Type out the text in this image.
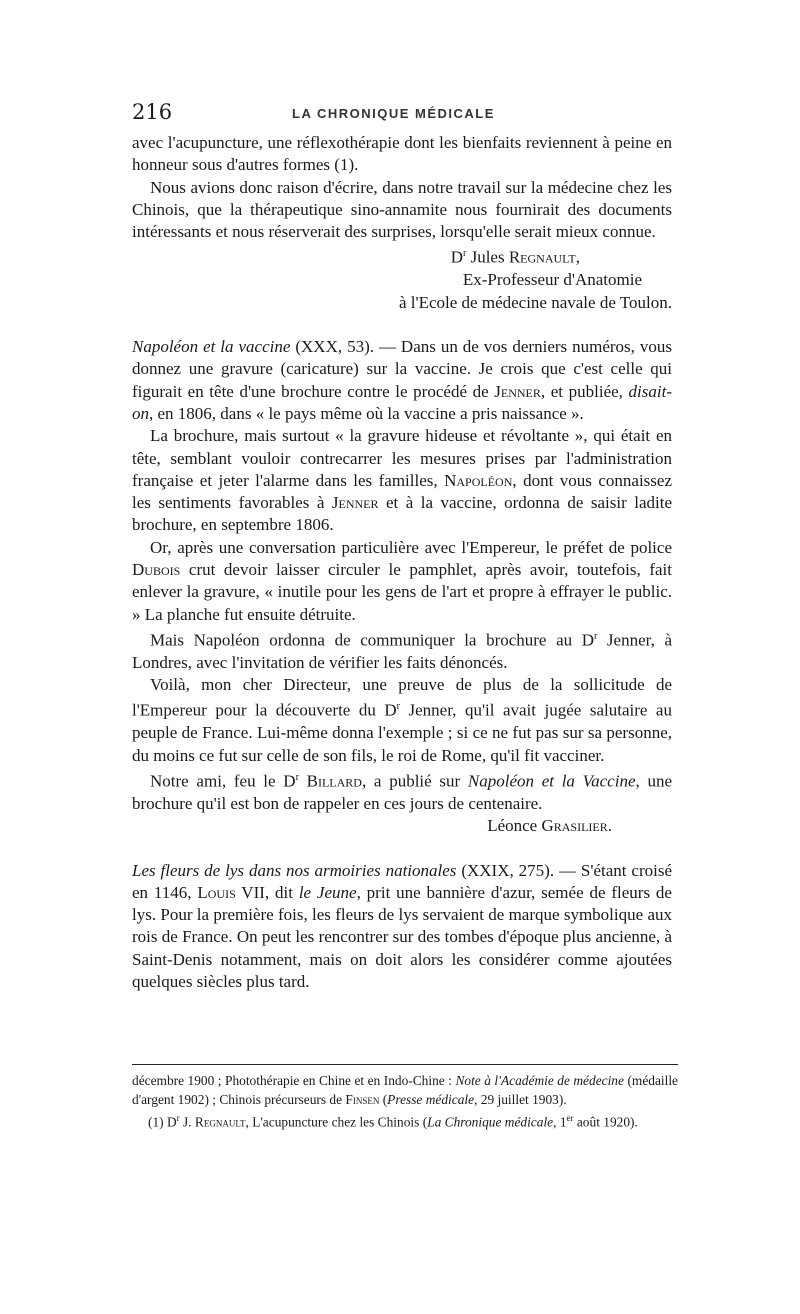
216	LA CHRONIQUE MÉDICALE

avec l'acupuncture, une réflexothérapie dont les bienfaits reviennent à peine en honneur sous d'autres formes (1).

Nous avions donc raison d'écrire, dans notre travail sur la médecine chez les Chinois, que la thérapeutique sino-annamite nous fournirait des documents intéressants et nous réserverait des surprises, lorsqu'elle serait mieux connue.

$D^r$ Jules Regnault,

Ex-Professeur d'Anatomie

à l'Ecole de médecine navale de Toulon.

Napoléon et la vaccine (XXX, 53). — Dans un de vos derniers numéros, vous donnez une gravure (caricature) sur la vaccine. Je crois que c'est celle qui figurait en tête d'une brochure contre le procédé de Jenner, et publiée, disait-on, en 1806, dans « le pays même où la vaccine a pris naissance ».

La brochure, mais surtout « la gravure hideuse et révoltante », qui était en tête, semblant vouloir contrecarrer les mesures prises par l'administration française et jeter l'alarme dans les familles, Napoléon, dont vous connaissez les sentiments favorables à Jenner et à la vaccine, ordonna de saisir ladite brochure, en septembre 1806.

Or, après une conversation particulière avec l'Empereur, le préfet de police Dubois crut devoir laisser circuler le pamphlet, après avoir, toutefois, fait enlever la gravure, « inutile pour les gens de l'art et propre à effrayer le public. » La planche fut ensuite détruite.

Mais Napoléon ordonna de communiquer la brochure au $D^r$ Jenner, à Londres, avec l'invitation de vérifier les faits dénoncés.

Voilà, mon cher Directeur, une preuve de plus de la sollicitude de l'Empereur pour la découverte du $D^r$ Jenner, qu'il avait jugée salutaire au peuple de France. Lui-même donna l'exemple ; si ce ne fut pas sur sa personne, du moins ce fut sur celle de son fils, le roi de Rome, qu'il fit vacciner.

Notre ami, feu le $D^r$ Billard, a publié sur Napoléon et la Vaccine, une brochure qu'il est bon de rappeler en ces jours de centenaire.

Léonce Grasilier.

Les fleurs de lys dans nos armoiries nationales (XXIX, 275). — S'étant croisé en 1146, Louis VII, dit le Jeune, prit une bannière d'azur, semée de fleurs de lys. Pour la première fois, les fleurs de lys servaient de marque symbolique aux rois de France. On peut les rencontrer sur des tombes d'époque plus ancienne, à Saint-Denis notamment, mais on doit alors les considérer comme ajoutées quelques siècles plus tard.

décembre 1900 ; Photothérapie en Chine et en Indo-Chine : Note à l'Académie de médecine (médaille d'argent 1902) ; Chinois précurseurs de Finsen (Presse médicale, 29 juillet 1903).

(1) $D^r$ J. Regnault, L'acupuncture chez les Chinois (La Chronique médicale, 1er août 1920).
